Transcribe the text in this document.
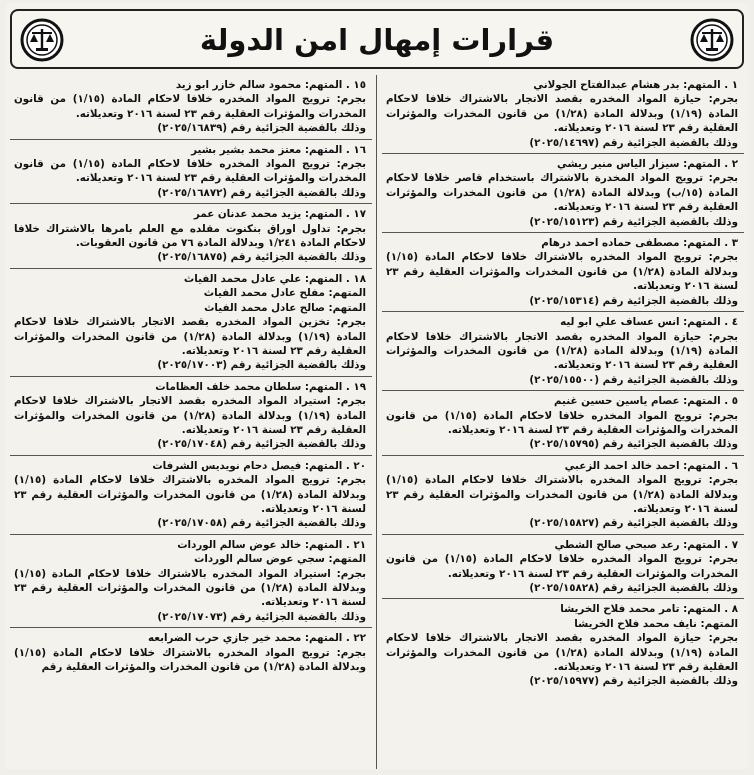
قرارات إمهال امن الدولة

١ . المتهم: بدر هشام عبدالفتاح الجولاني

بجرم: حيازة المواد المخدره بقصد الاتجار بالاشتراك خلافا لاحكام المادة (١/١٩) وبدلالة المادة (١/٢٨) من قانون المخدرات والمؤثرات العقلية رقم ٢٣ لسنة ٢٠١٦ وتعديلاته.

وذلك بالقضية الجزائية رقم (٢٠٢٥/١٤٦٩٧)

٢ . المتهم: سيزار الياس منير ريشي

بجرم: ترويج المواد المخدرة بالاشتراك باستخدام قاصر خلافا لاحكام المادة (١٥/ب) وبدلالة المادة (١/٢٨) من قانون المخدرات والمؤثرات العقلية رقم ٢٣ لسنة ٢٠١٦ وتعديلاته.

وذلك بالقضية الجزائية رقم (٢٠٢٥/١٥١٢٣)

٣ . المتهم: مصطفى حماده احمد درهام

بجرم: ترويج المواد المخدره بالاشتراك خلافا لاحكام المادة (١/١٥) وبدلالة المادة (١/٢٨) من قانون المخدرات والمؤثرات العقلية رقم ٢٣ لسنة ٢٠١٦ وتعديلاته.

وذلك بالقضية الجزائية رقم (٢٠٢٥/١٥٣١٤)

٤ . المتهم: انس عساف علي ابو ليه

بجرم: حيازة المواد المخدره بقصد الاتجار بالاشتراك خلافا لاحكام المادة (١/١٩) وبدلالة المادة (١/٢٨) من قانون المخدرات والمؤثرات العقلية رقم ٢٣ لسنة ٢٠١٦ وتعديلاته.

وذلك بالقضية الجزائية رقم (٢٠٢٥/١٥٥٠٠)

٥ . المتهم: عصام ياسين حسين غنيم

بجرم: ترويج المواد المخدره خلافا لاحكام المادة (١/١٥) من قانون المخدرات والمؤثرات العقلية رقم ٢٣ لسنة ٢٠١٦ وتعديلاته.

وذلك بالقضية الجزائية رقم (٢٠٢٥/١٥٧٩٥)

٦ . المتهم: احمد خالد احمد الزعبي

بجرم: ترويج المواد المخدره بالاشتراك خلافا لاحكام المادة (١/١٥) وبدلالة المادة (١/٢٨) من قانون المخدرات والمؤثرات العقلية رقم ٢٣ لسنة ٢٠١٦ وتعديلاته.

وذلك بالقضية الجزائية رقم (٢٠٢٥/١٥٨٢٧)

٧ . المتهم: رعد صبحي صالح الشطي

بجرم: ترويج المواد المخدره خلافا لاحكام المادة (١/١٥) من قانون المخدرات والمؤثرات العقلية رقم ٢٣ لسنة ٢٠١٦ وتعديلاته.

وذلك بالقضية الجزائية رقم (٢٠٢٥/١٥٨٢٨)

٨ . المتهم: تامر محمد فلاح الخريشا

المتهم: نايف محمد فلاح الخريشا

بجرم: حيازة المواد المخدره بقصد الاتجار بالاشتراك خلافا لاحكام المادة (١/١٩) وبدلالة المادة (١/٢٨) من قانون المخدرات والمؤثرات العقلية رقم ٢٣ لسنة ٢٠١٦ وتعديلاته.

وذلك بالقضية الجزائية رقم (٢٠٢٥/١٥٩٧٧)

١٥ . المتهم: محمود سالم خازر ابو زيد

بجرم: ترويج المواد المخدره خلافا لاحكام المادة (١/١٥) من قانون المخدرات والمؤثرات العقلية رقم ٢٣ لسنة ٢٠١٦ وتعديلاته.

وذلك بالقضية الجزائية رقم (٢٠٢٥/١٦٨٣٩)

١٦ . المتهم: معتز محمد بشير بشير

بجرم: ترويج المواد المخدره خلافا لاحكام المادة (١/١٥) من قانون المخدرات والمؤثرات العقلية رقم ٢٣ لسنة ٢٠١٦ وتعديلاته.

وذلك بالقضية الجزائية رقم (٢٠٢٥/١٦٨٧٢)

١٧ . المتهم: يزيد محمد عدنان عمر

بجرم: تداول اوراق بنكنوت مقلده مع العلم بامرها بالاشتراك خلافا لاحكام المادة ١/٢٤١ وبدلالة المادة ٧٦ من قانون العقوبات.

وذلك بالقضية الجزائية رقم (٢٠٢٥/١٦٨٧٥)

١٨ . المتهم: علي عادل محمد الفياث

المتهم: مفلح عادل محمد الفياث

المتهم: صالح عادل محمد الفياث

بجرم: تخزين المواد المخدره بقصد الاتجار بالاشتراك خلافا لاحكام المادة (١/١٩) وبدلالة المادة (١/٢٨) من قانون المخدرات والمؤثرات العقلية رقم ٢٣ لسنة ٢٠١٦ وتعديلاته.

وذلك بالقضية الجزائية رقم (٢٠٢٥/١٧٠٠٣)

١٩ . المتهم: سلطان محمد خلف العظامات

بجرم: استيراد المواد المخدره بقصد الاتجار بالاشتراك خلافا لاحكام المادة (١/١٩) وبدلالة المادة (١/٢٨) من قانون المخدرات والمؤثرات العقلية رقم ٢٣ لسنة ٢٠١٦ وتعديلاته.

وذلك بالقضية الجزائية رقم (٢٠٢٥/١٧٠٤٨)

٢٠ . المتهم: فيصل دحام نويديس الشرفات

بجرم: ترويج المواد المخدره بالاشتراك خلافا لاحكام المادة (١/١٥) وبدلالة المادة (١/٢٨) من قانون المخدرات والمؤثرات العقلية رقم ٢٣ لسنة ٢٠١٦ وتعديلاته.

وذلك بالقضية الجزائية رقم (٢٠٢٥/١٧٠٥٨)

٢١ . المتهم: خالد عوض سالم الوردات

المتهم: سجي عوض سالم الوردات

بجرم: استيراد المواد المخدره بالاشتراك خلافا لاحكام المادة (١/١٥) وبدلالة المادة (١/٢٨) من قانون المخدرات والمؤثرات العقلية رقم ٢٣ لسنة ٢٠١٦ وتعديلاته.

وذلك بالقضية الجزائية رقم (٢٠٢٥/١٧٠٧٣)

٢٢ . المتهم: محمد خير جازي حرب الضرابعه

بجرم: ترويج المواد المخدره بالاشتراك خلافا لاحكام المادة (١/١٥) وبدلالة المادة (١/٢٨) من قانون المخدرات والمؤثرات العقلية رقم
